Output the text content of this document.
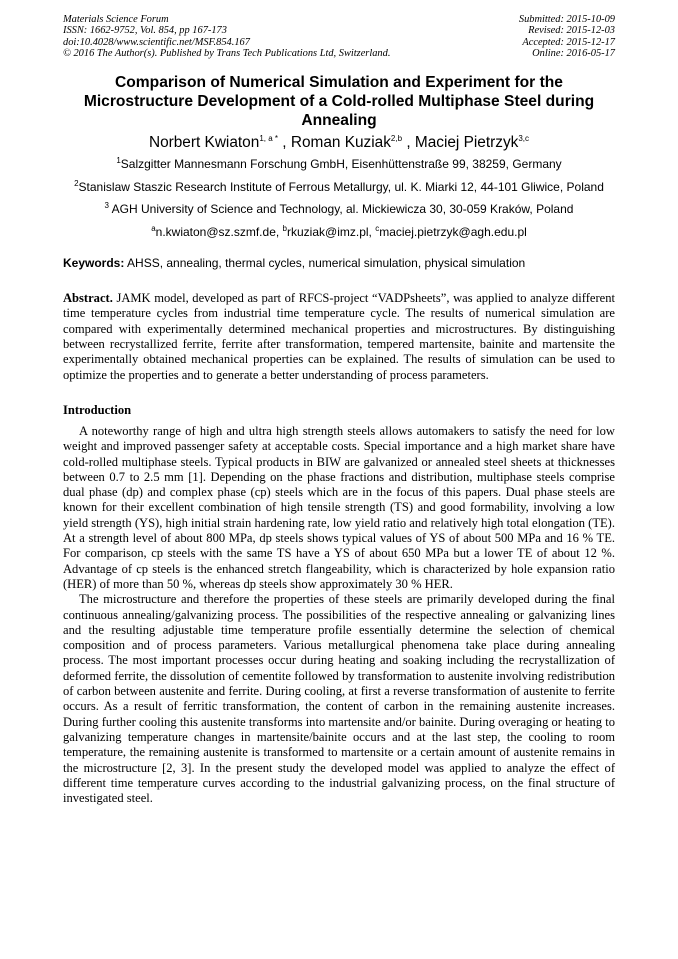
Materials Science Forum
ISSN: 1662-9752, Vol. 854, pp 167-173
doi:10.4028/www.scientific.net/MSF.854.167
© 2016 The Author(s). Published by Trans Tech Publications Ltd, Switzerland.
Submitted: 2015-10-09
Revised: 2015-12-03
Accepted: 2015-12-17
Online: 2016-05-17
Comparison of Numerical Simulation and Experiment for the Microstructure Development of a Cold-rolled Multiphase Steel during Annealing
Norbert Kwiaton$^{1, a *}$ , Roman Kuziak$^{2,b}$ , Maciej Pietrzyk$^{3,c}$
$^1$Salzgitter Mannesmann Forschung GmbH, Eisenhüttenstraße 99, 38259, Germany
$^2$Stanislaw Staszic Research Institute of Ferrous Metallurgy, ul. K. Miarki 12, 44-101 Gliwice, Poland
$^3$ AGH University of Science and Technology, al. Mickiewicza 30, 30-059 Kraków, Poland
$^a$n.kwiaton@sz.szmf.de, $^b$rkuziak@imz.pl, $^c$maciej.pietrzyk@agh.edu.pl
Keywords: AHSS, annealing, thermal cycles, numerical simulation, physical simulation
Abstract. JAMK model, developed as part of RFCS-project “VADPsheets”, was applied to analyze different time temperature cycles from industrial time temperature cycle. The results of numerical simulation are compared with experimentally determined mechanical properties and microstructures. By distinguishing between recrystallized ferrite, ferrite after transformation, tempered martensite, bainite and martensite the experimentally obtained mechanical properties can be explained. The results of simulation can be used to optimize the properties and to generate a better understanding of process parameters.
Introduction

A noteworthy range of high and ultra high strength steels allows automakers to satisfy the need for low weight and improved passenger safety at acceptable costs. Special importance and a high market share have cold-rolled multiphase steels. Typical products in BIW are galvanized or annealed steel sheets at thicknesses between 0.7 to 2.5 mm [1]. Depending on the phase fractions and distribution, multiphase steels comprise dual phase (dp) and complex phase (cp) steels which are in the focus of this papers. Dual phase steels are known for their excellent combination of high tensile strength (TS) and good formability, involving a low yield strength (YS), high initial strain hardening rate, low yield ratio and relatively high total elongation (TE). At a strength level of about 800 MPa, dp steels shows typical values of YS of about 500 MPa and 16 % TE. For comparison, cp steels with the same TS have a YS of about 650 MPa but a lower TE of about 12 %. Advantage of cp steels is the enhanced stretch flangeability, which is characterized by hole expansion ratio (HER) of more than 50 %, whereas dp steels show approximately 30 % HER.

The microstructure and therefore the properties of these steels are primarily developed during the final continuous annealing/galvanizing process. The possibilities of the respective annealing or galvanizing lines and the resulting adjustable time temperature profile essentially determine the selection of chemical composition and of process parameters. Various metallurgical phenomena take place during annealing process. The most important processes occur during heating and soaking including the recrystallization of deformed ferrite, the dissolution of cementite followed by transformation to austenite involving redistribution of carbon between austenite and ferrite. During cooling, at first a reverse transformation of austenite to ferrite occurs. As a result of ferritic transformation, the content of carbon in the remaining austenite increases. During further cooling this austenite transforms into martensite and/or bainite. During overaging or heating to galvanizing temperature changes in martensite/bainite occurs and at the last step, the cooling to room temperature, the remaining austenite is transformed to martensite or a certain amount of austenite remains in the microstructure [2, 3]. In the present study the developed model was applied to analyze the effect of different time temperature curves according to the industrial galvanizing process, on the final structure of investigated steel.
